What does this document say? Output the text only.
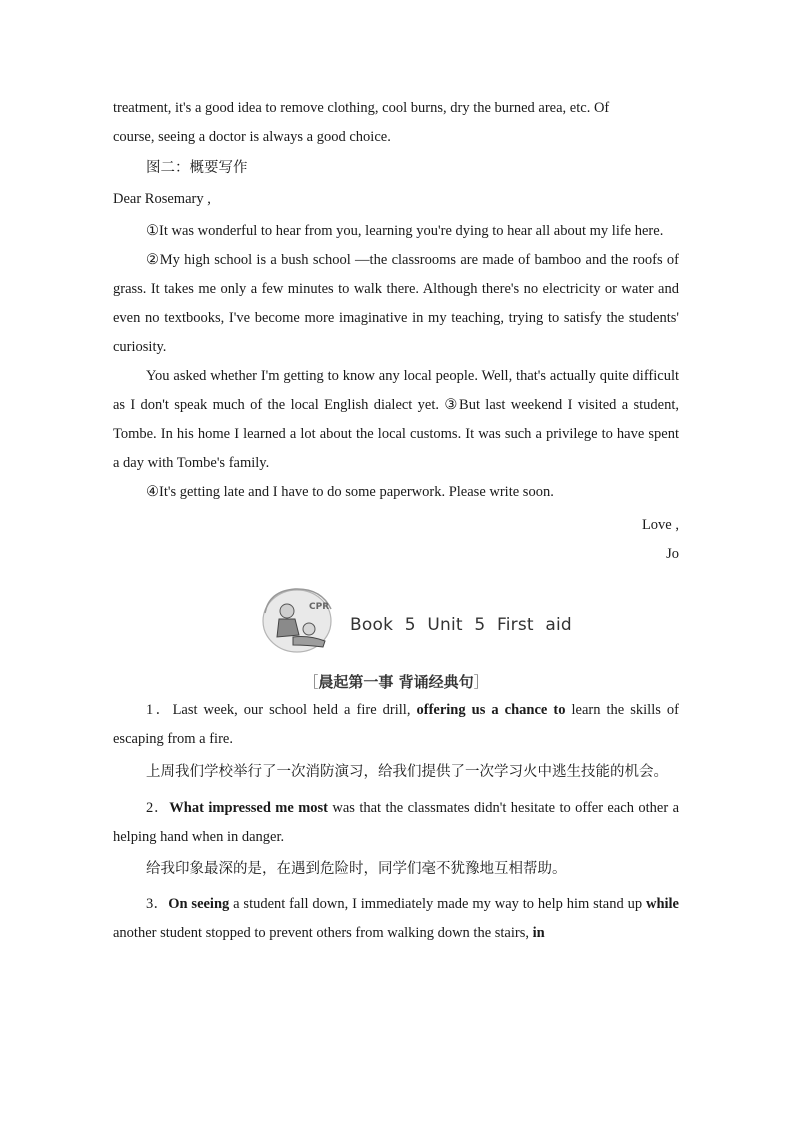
treatment, it's a good idea to remove clothing, cool burns, dry the burned area, etc. Of

course, seeing a doctor is always a good choice.

图二：概要写作

Dear Rosemary ,

①It was wonderful to hear from you, learning you're dying to hear all about my life here.

②My high school is a bush school ―the classrooms are made of bamboo and the roofs of grass. It takes me only a few minutes to walk there. Although there's no electricity or water and even no textbooks, I've become more imaginative in my teaching, trying to satisfy the students' curiosity.

You asked whether I'm getting to know any local people. Well, that's actually quite difficult as I don't speak much of the local English dialect yet. ③But last weekend I visited a student, Tombe. In his home I learned a lot about the local customs. It was such a privilege to have spent a day with Tombe's family.

④It's getting late and I have to do some paperwork. Please write soon.

Love ,

Jo

CPR
Book 5 Unit 5 First aid
［晨起第一事 背诵经典句］

1．Last week, our school held a fire drill, offering us a chance to learn the skills of escaping from a fire.

上周我们学校举行了一次消防演习，给我们提供了一次学习火中逃生技能的机会。

2．What impressed me most was that the classmates didn't hesitate to offer each other a helping hand when in danger.

给我印象最深的是，在遇到危险时，同学们毫不犹豫地互相帮助。

3．On seeing a student fall down, I immediately made my way to help him stand up while another student stopped to prevent others from walking down the stairs, in
